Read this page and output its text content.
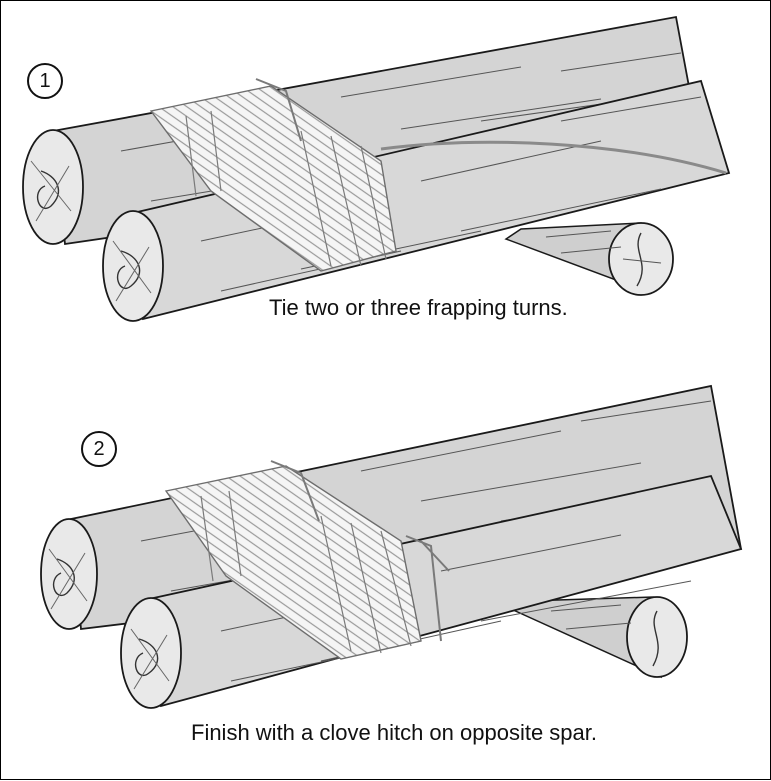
1
2
Tie two or three frapping turns.
Finish with a clove hitch on opposite spar.
